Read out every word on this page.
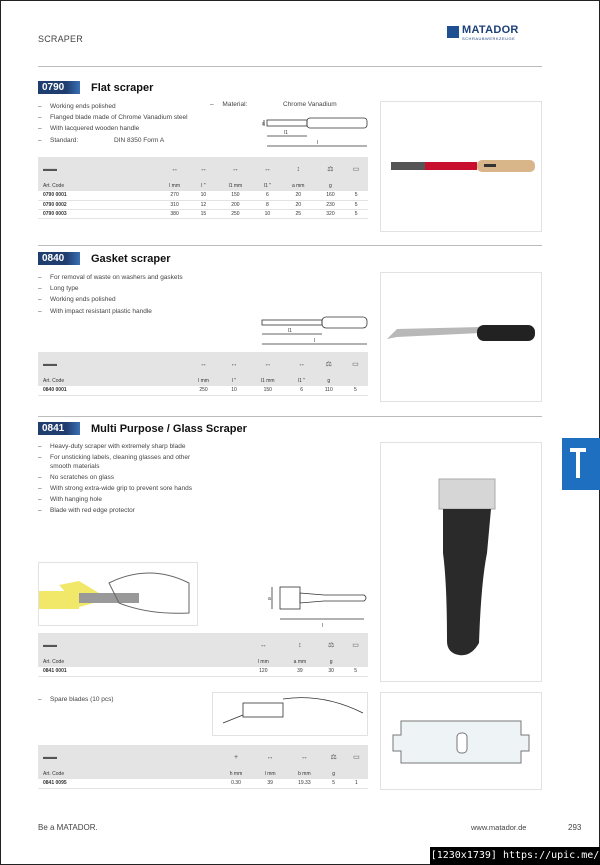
SCRAPER
MATADOR
SCHRAUBWERKZEUGE
0790	Flat scraper
– Working ends polished
– Flanged blade made of Chrome Vanadium steel
– With lacquered wooden handle
– Standard:	DIN 8350 Form A
– Material:	Chrome Vanadium
a
l1
l
▬▬	↔	↔	↔	↔	↕	⚖	▭
Art. Code	l mm	l "	l1 mm	l1 "	a mm	g	
0790 0001	270	10	150	6	20	160	5
0790 0002	310	12	200	8	20	230	5
0790 0003	380	15	250	10	25	320	5
0840	Gasket scraper
– For removal of waste on washers and gaskets
– Long type
– Working ends polished
– With impact resistant plastic handle
l1
l
▬▬	↔	↔	↔	↔	⚖	▭
Art. Code	l mm	l "	l1 mm	l1 "	g	
0840 0001	250	10	150	6	110	5
0841	Multi Purpose / Glass Scraper
– Heavy-duty scraper with extremely sharp blade
– For unsticking labels, cleaning glasses and other smooth materials
– No scratches on glass
– With strong extra-wide grip to prevent sore hands
– With hanging hole
– Blade with red edge protector
a
l
▬▬	↔	↕	⚖	▭
Art. Code	l mm	a mm	g	
0841 0001	120	39	30	5
– Spare blades (10 pcs)
▬▬	+	↔	↔	⚖	▭
Art. Code	h mm	l mm	b mm	g	
0841 0095	0.30	39	19.33	5	1
Be a MATADOR.	www.matador.de	293
[1230x1739] https://upic.me/
